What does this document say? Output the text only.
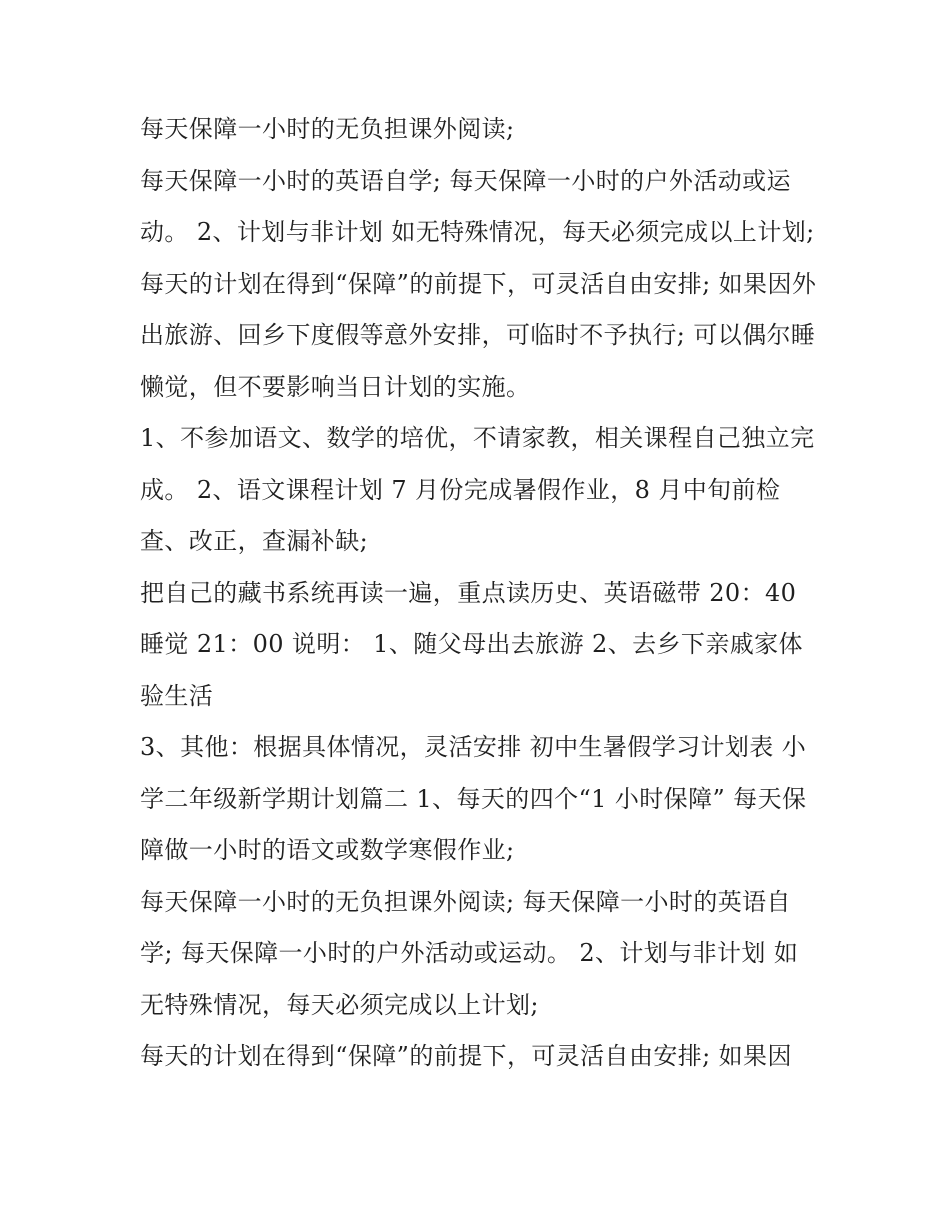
每天保障一小时的无负担课外阅读;

每天保障一小时的英语自学; 每天保障一小时的户外活动或运动。 2、计划与非计划 如无特殊情况，每天必须完成以上计划;

每天的计划在得到“保障”的前提下，可灵活自由安排; 如果因外出旅游、回乡下度假等意外安排，可临时不予执行; 可以偶尔睡懒觉，但不要影响当日计划的实施。

1、不参加语文、数学的培优，不请家教，相关课程自己独立完成。 2、语文课程计划 7 月份完成暑假作业，8 月中旬前检查、改正，查漏补缺;

把自己的藏书系统再读一遍，重点读历史、英语磁带 20：40 睡觉 21：00 说明： 1、随父母出去旅游 2、去乡下亲戚家体验生活

3、其他：根据具体情况，灵活安排 初中生暑假学习计划表 小学二年级新学期计划篇二 1、每天的四个“1 小时保障” 每天保障做一小时的语文或数学寒假作业;

每天保障一小时的无负担课外阅读; 每天保障一小时的英语自学; 每天保障一小时的户外活动或运动。 2、计划与非计划 如无特殊情况，每天必须完成以上计划;

每天的计划在得到“保障”的前提下，可灵活自由安排; 如果因
